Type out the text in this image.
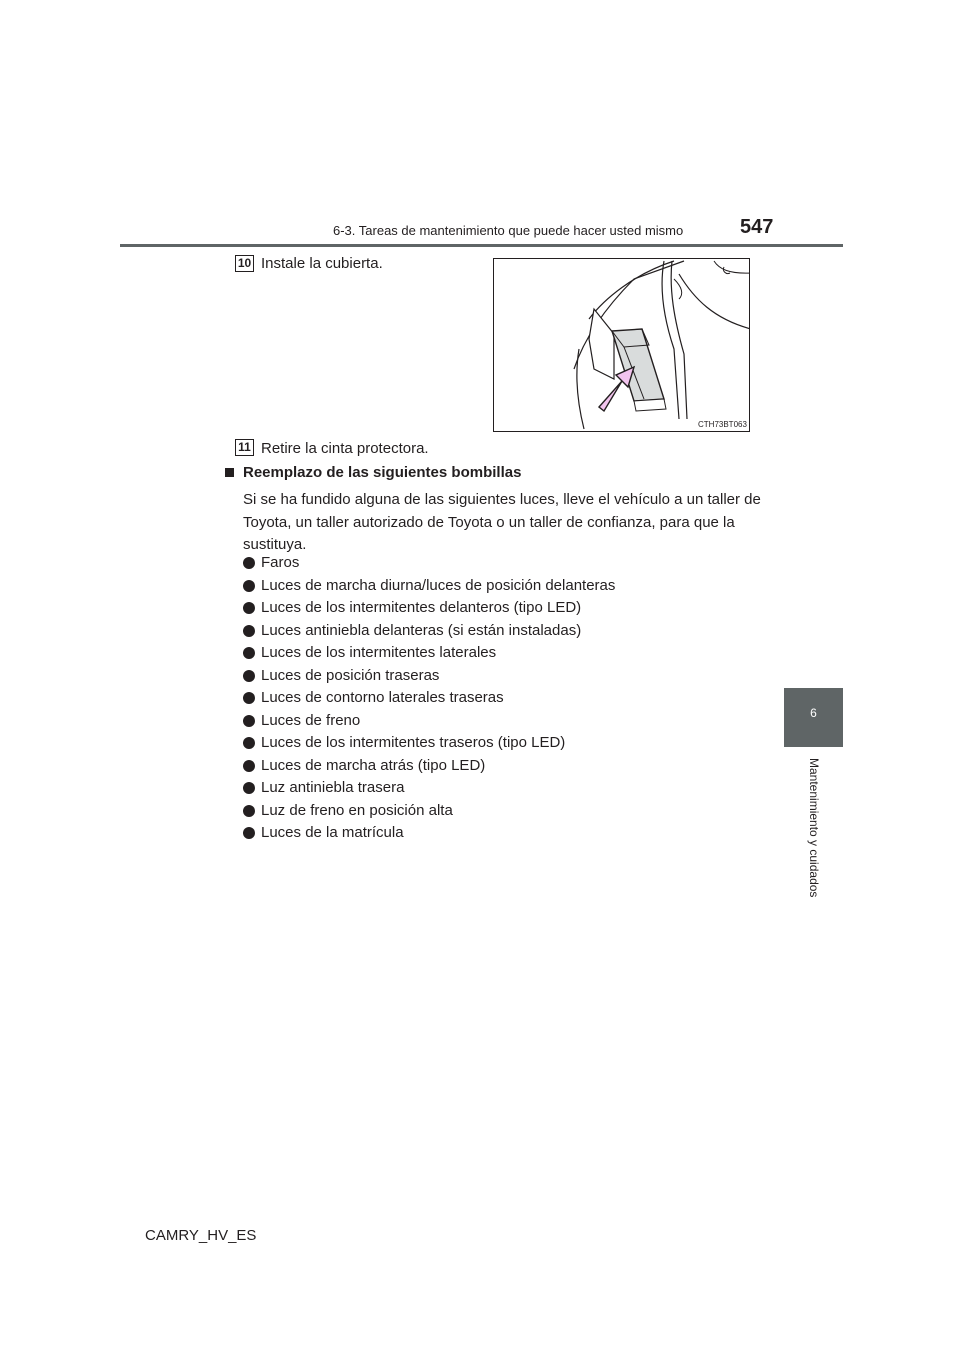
6-3. Tareas de mantenimiento que puede hacer usted mismo	547
6
Mantenimiento y cuidados
10 Instale la cubierta.
CTH73BT063
11 Retire la cinta protectora.
Reemplazo de las siguientes bombillas
Si se ha fundido alguna de las siguientes luces, lleve el vehículo a un taller de Toyota, un taller autorizado de Toyota o un taller de confianza, para que la sustituya.
Faros
Luces de marcha diurna/luces de posición delanteras
Luces de los intermitentes delanteros (tipo LED)
Luces antiniebla delanteras (si están instaladas)
Luces de los intermitentes laterales
Luces de posición traseras
Luces de contorno laterales traseras
Luces de freno
Luces de los intermitentes traseros (tipo LED)
Luces de marcha atrás (tipo LED)
Luz antiniebla trasera
Luz de freno en posición alta
Luces de la matrícula
CAMRY_HV_ES
